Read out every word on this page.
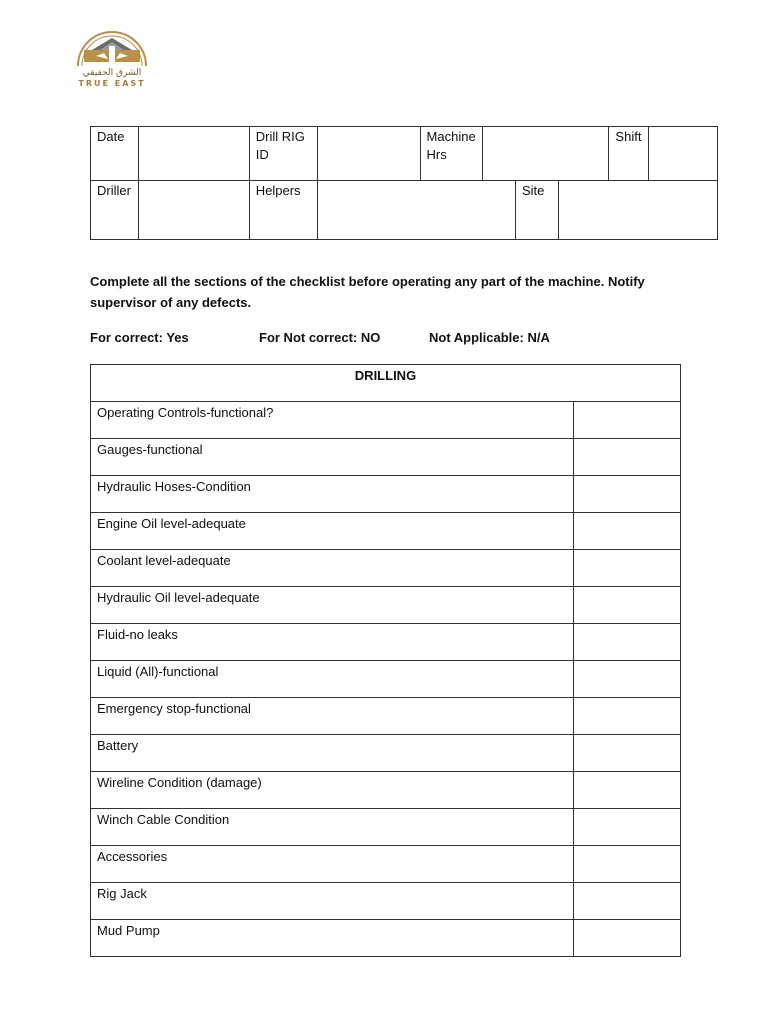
الشرق الحقيقي
TRUE EAST
Date		Drill RIG ID		Machine Hrs				Shift	
Driller		Helpers				Site			

Complete all the sections of the checklist before operating any part of the machine. Notify supervisor of any defects.

For correct: Yes	For Not correct: NO	Not Applicable: N/A
DRILLING	
Operating Controls-functional?	
Gauges-functional	
Hydraulic Hoses-Condition	
Engine Oil level-adequate	
Coolant level-adequate	
Hydraulic Oil level-adequate	
Fluid-no leaks	
Liquid (All)-functional	
Emergency stop-functional	
Battery	
Wireline Condition (damage)	
Winch Cable Condition	
Accessories	
Rig Jack	
Mud Pump	
